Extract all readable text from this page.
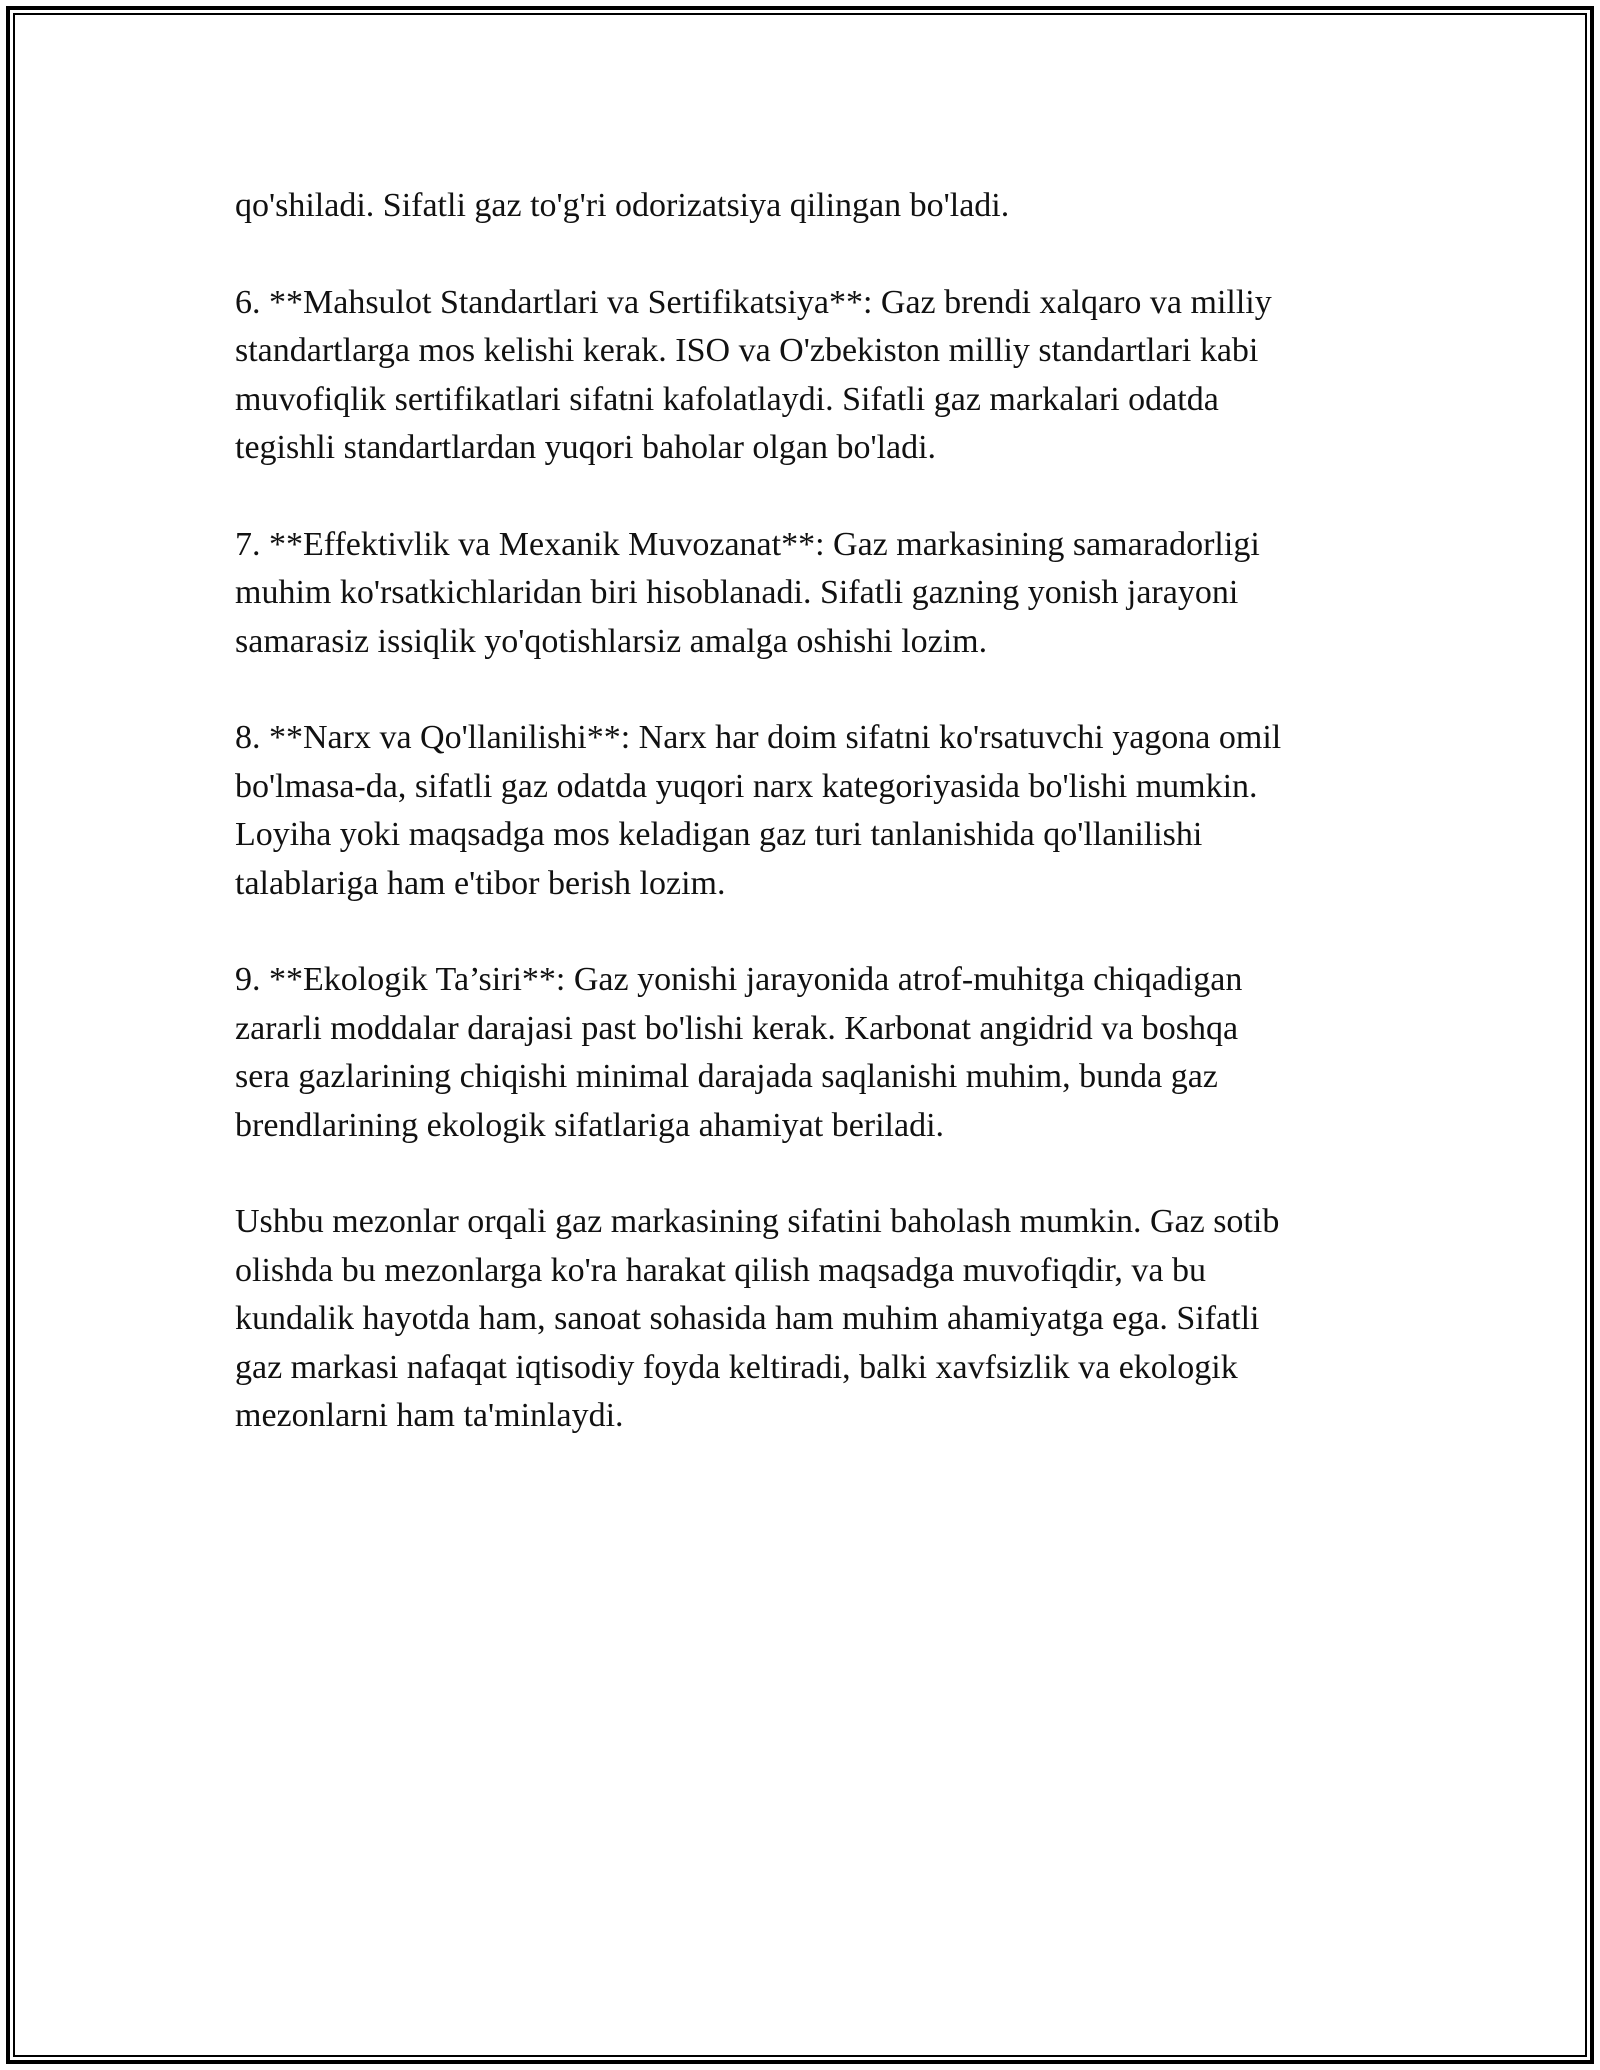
qo'shiladi. Sifatli gaz to'g'ri odorizatsiya qilingan bo'ladi.

6. **Mahsulot Standartlari va Sertifikatsiya**: Gaz brendi xalqaro va milliy
standartlarga mos kelishi kerak. ISO va O'zbekiston milliy standartlari kabi
muvofiqlik sertifikatlari sifatni kafolatlaydi. Sifatli gaz markalari odatda
tegishli standartlardan yuqori baholar olgan bo'ladi.

7. **Effektivlik va Mexanik Muvozanat**: Gaz markasining samaradorligi
muhim ko'rsatkichlaridan biri hisoblanadi. Sifatli gazning yonish jarayoni
samarasiz issiqlik yo'qotishlarsiz amalga oshishi lozim.

8. **Narx va Qo'llanilishi**: Narx har doim sifatni ko'rsatuvchi yagona omil
bo'lmasa-da, sifatli gaz odatda yuqori narx kategoriyasida bo'lishi mumkin.
Loyiha yoki maqsadga mos keladigan gaz turi tanlanishida qo'llanilishi
talablariga ham e'tibor berish lozim.

9. **Ekologik Ta’siri**: Gaz yonishi jarayonida atrof-muhitga chiqadigan
zararli moddalar darajasi past bo'lishi kerak. Karbonat angidrid va boshqa
sera gazlarining chiqishi minimal darajada saqlanishi muhim, bunda gaz
brendlarining ekologik sifatlariga ahamiyat beriladi.

Ushbu mezonlar orqali gaz markasining sifatini baholash mumkin. Gaz sotib
olishda bu mezonlarga ko'ra harakat qilish maqsadga muvofiqdir, va bu
kundalik hayotda ham, sanoat sohasida ham muhim ahamiyatga ega. Sifatli
gaz markasi nafaqat iqtisodiy foyda keltiradi, balki xavfsizlik va ekologik
mezonlarni ham ta'minlaydi.
